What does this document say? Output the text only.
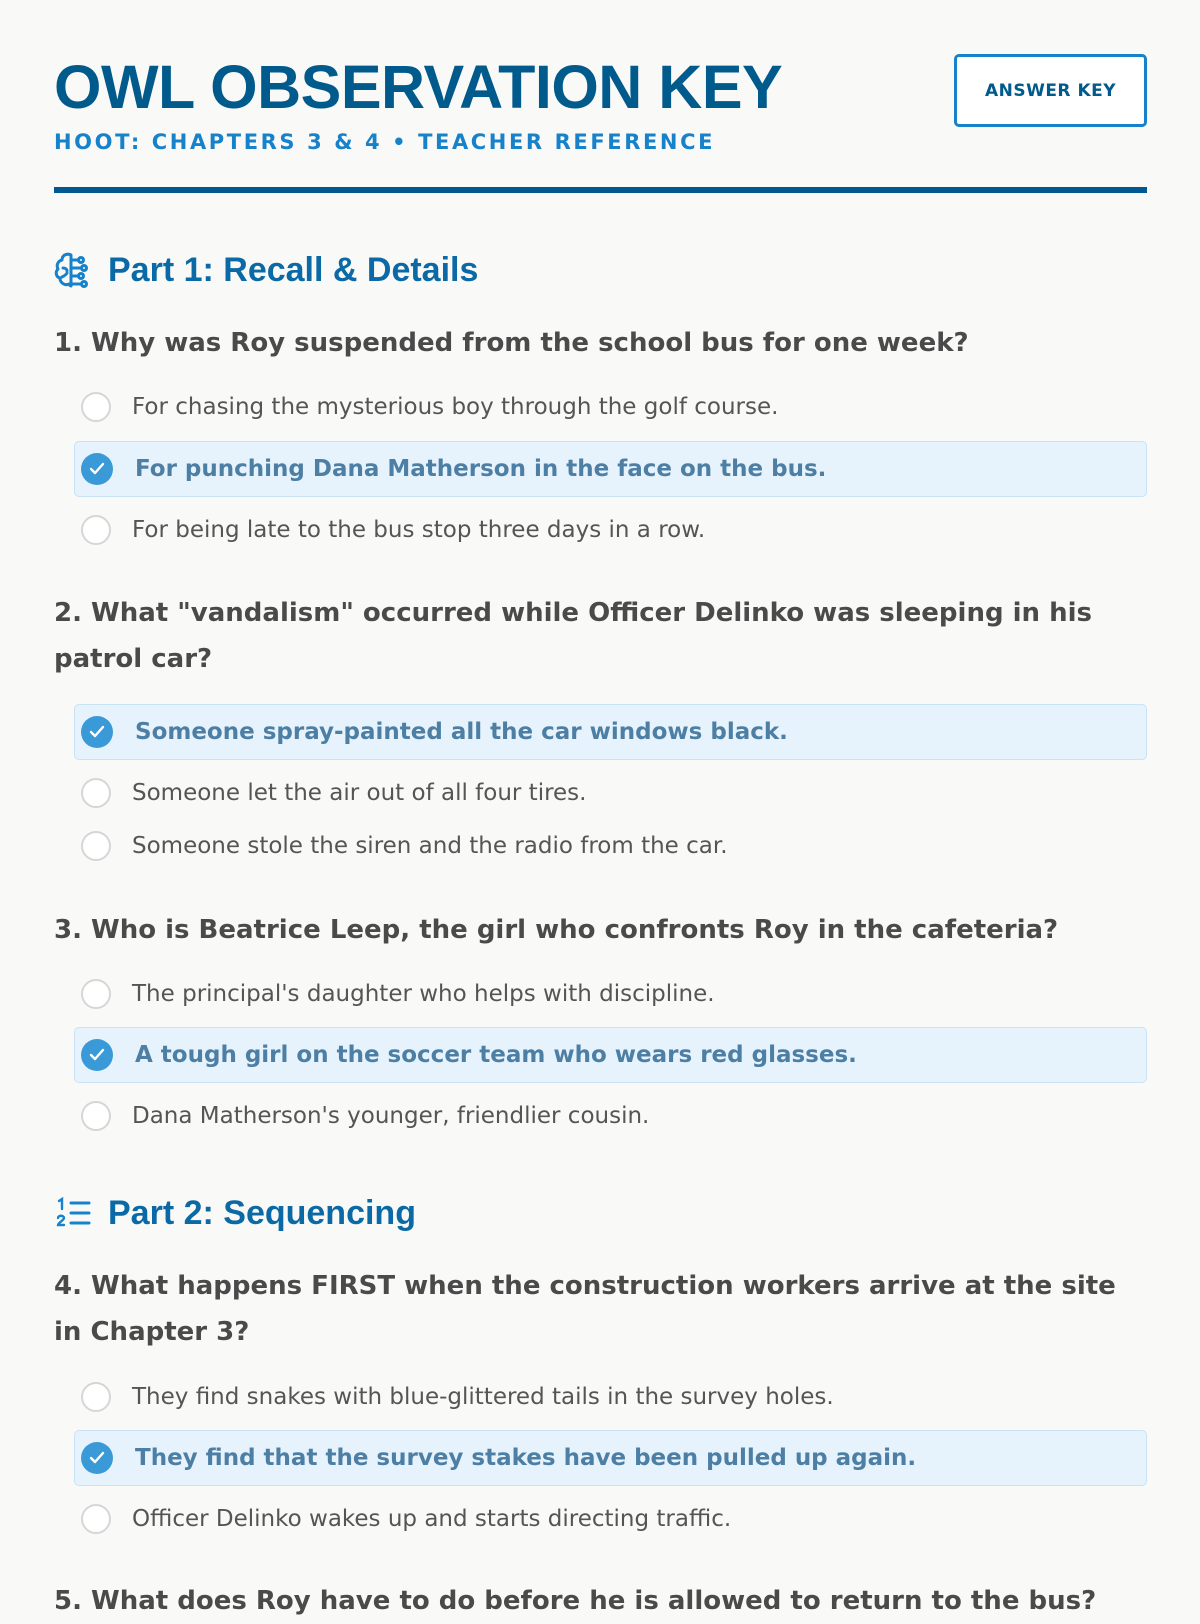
OWL OBSERVATION KEY
HOOT: CHAPTERS 3 & 4 • TEACHER REFERENCE
ANSWER KEY
Part 1: Recall & Details
1. Why was Roy suspended from the school bus for one week?
For chasing the mysterious boy through the golf course.
For punching Dana Matherson in the face on the bus.
For being late to the bus stop three days in a row.
2. What "vandalism" occurred while Officer Delinko was sleeping in his patrol car?
Someone spray-painted all the car windows black.
Someone let the air out of all four tires.
Someone stole the siren and the radio from the car.
3. Who is Beatrice Leep, the girl who confronts Roy in the cafeteria?
The principal's daughter who helps with discipline.
A tough girl on the soccer team who wears red glasses.
Dana Matherson's younger, friendlier cousin.
Part 2: Sequencing
4. What happens FIRST when the construction workers arrive at the site in Chapter 3?
They find snakes with blue-glittered tails in the survey holes.
They find that the survey stakes have been pulled up again.
Officer Delinko wakes up and starts directing traffic.
5. What does Roy have to do before he is allowed to return to the bus?
